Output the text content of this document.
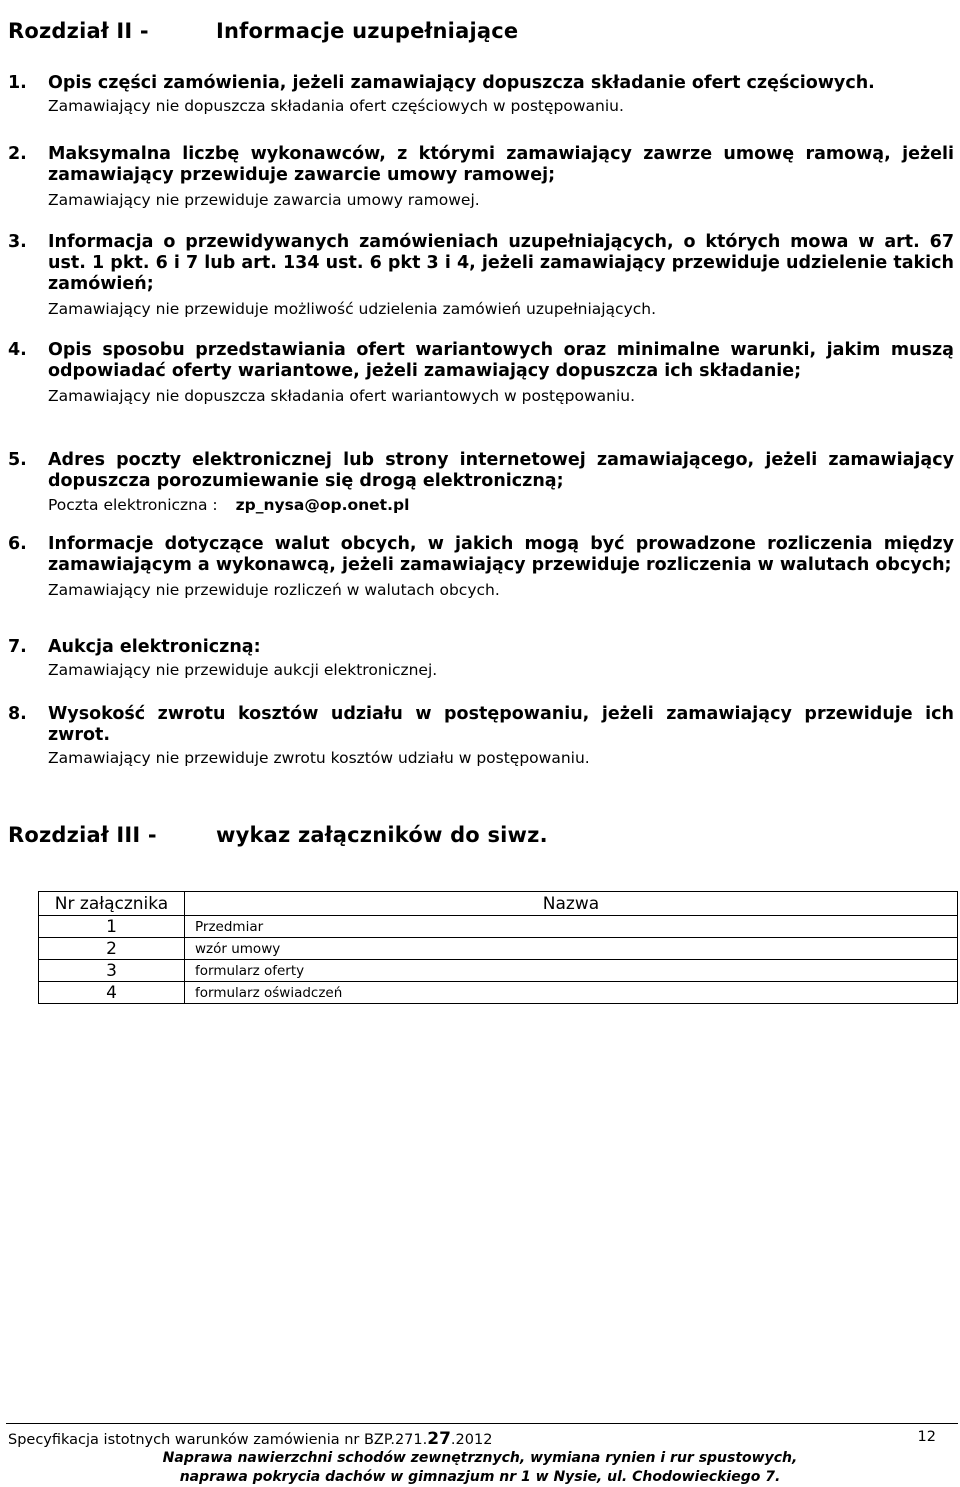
Rozdział II -	Informacje uzupełniające
1. Opis części zamówienia, jeżeli zamawiający dopuszcza składanie ofert częściowych.
Zamawiający nie dopuszcza składania ofert częściowych w postępowaniu.
2. Maksymalna liczbę wykonawców, z którymi zamawiający zawrze umowę ramową, jeżeli zamawiający przewiduje zawarcie umowy ramowej;
Zamawiający nie przewiduje zawarcia umowy ramowej.
3. Informacja o przewidywanych zamówieniach uzupełniających, o których mowa w art. 67 ust. 1 pkt. 6 i 7 lub art. 134 ust. 6 pkt 3 i 4, jeżeli zamawiający przewiduje udzielenie takich zamówień;
Zamawiający nie przewiduje możliwość udzielenia zamówień uzupełniających.
4. Opis sposobu przedstawiania ofert wariantowych oraz minimalne warunki, jakim muszą odpowiadać oferty wariantowe, jeżeli zamawiający dopuszcza ich składanie;
Zamawiający nie dopuszcza składania ofert wariantowych w postępowaniu.
5. Adres poczty elektronicznej lub strony internetowej zamawiającego, jeżeli zamawiający dopuszcza porozumiewanie się drogą elektroniczną;
Poczta elektroniczna : zp_nysa@op.onet.pl
6. Informacje dotyczące walut obcych, w jakich mogą być prowadzone rozliczenia między zamawiającym a wykonawcą, jeżeli zamawiający przewiduje rozliczenia w walutach obcych;
Zamawiający nie przewiduje rozliczeń w walutach obcych.
7. Aukcja elektroniczną:
Zamawiający nie przewiduje aukcji elektronicznej.
8. Wysokość zwrotu kosztów udziału w postępowaniu, jeżeli zamawiający przewiduje ich zwrot.
Zamawiający nie przewiduje zwrotu kosztów udziału w postępowaniu.
Rozdział III -	wykaz załączników do siwz.
Nr załącznika	Nazwa
1	Przedmiar
2	wzór umowy
3	formularz oferty
4	formularz oświadczeń
Specyfikacja istotnych warunków zamówienia nr BZP.271.27.2012	12
Naprawa nawierzchni schodów zewnętrznych, wymiana rynien i rur spustowych,
naprawa pokrycia dachów w gimnazjum nr 1 w Nysie, ul. Chodowieckiego 7.
